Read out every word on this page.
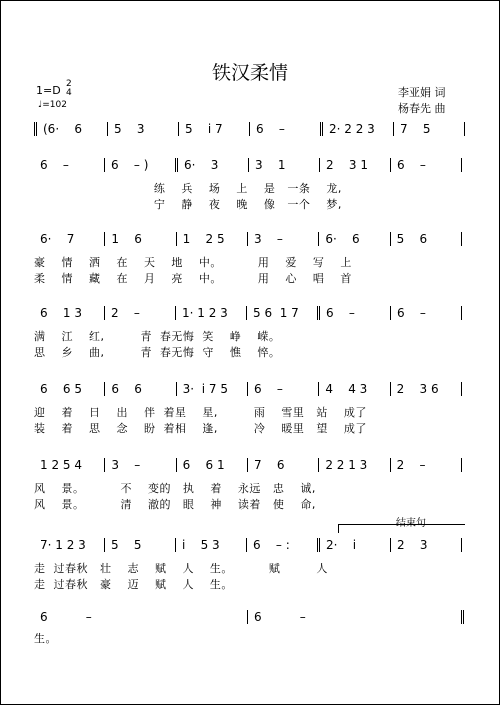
铁汉柔情
1=D 2
4
♩=102
李亚娟 词
杨春先 曲
(6·    6	5    3	5    i 7	6    –	2· 2 2 3	7    5
6    –	6    – )	6·    3	3    1	2    3 1	6    –
练    兵    场    上    是   一条    龙,
宁    静    夜    晚    像   一个    梦,
6·    7	1    6	1    2 5	3    –	6·    6	5    6
豪    情    洒    在    天    地    中。         用    爱    写    上
柔    情    藏    在    月    亮    中。         用    心    唱    首
6    1 3	2    –	1· 1 2 3	5 6  1 7	6    –	6    –
满    江    红,         青  春无悔  笑    峥    嵘。
思    乡    曲,         青  春无悔  守    憔    悴。
6    6 5	6    6	3·  i 7 5	6    –	4    4 3	2    3 6
迎    着    日    出    伴  着星    星,         雨    雪里   站    成了
装    着    思    念    盼  着相    逢,         冷    暖里   望    成了
1 2 5 4	3    –	6    6 1	7    6	2 2 1 3	2    –
风    景。         不    变的   执    着    永远   忠    诚,
风    景。         清    澈的   眼    神    读着   使    命,
结束句
7· 1 2 3	5    5	i    5 3	6    – :	2·    i	2    3
走  过春秋   壮    志    赋    人    生。         赋         人
走  过春秋   豪    迈    赋    人    生。
6          –	6          –
生。
